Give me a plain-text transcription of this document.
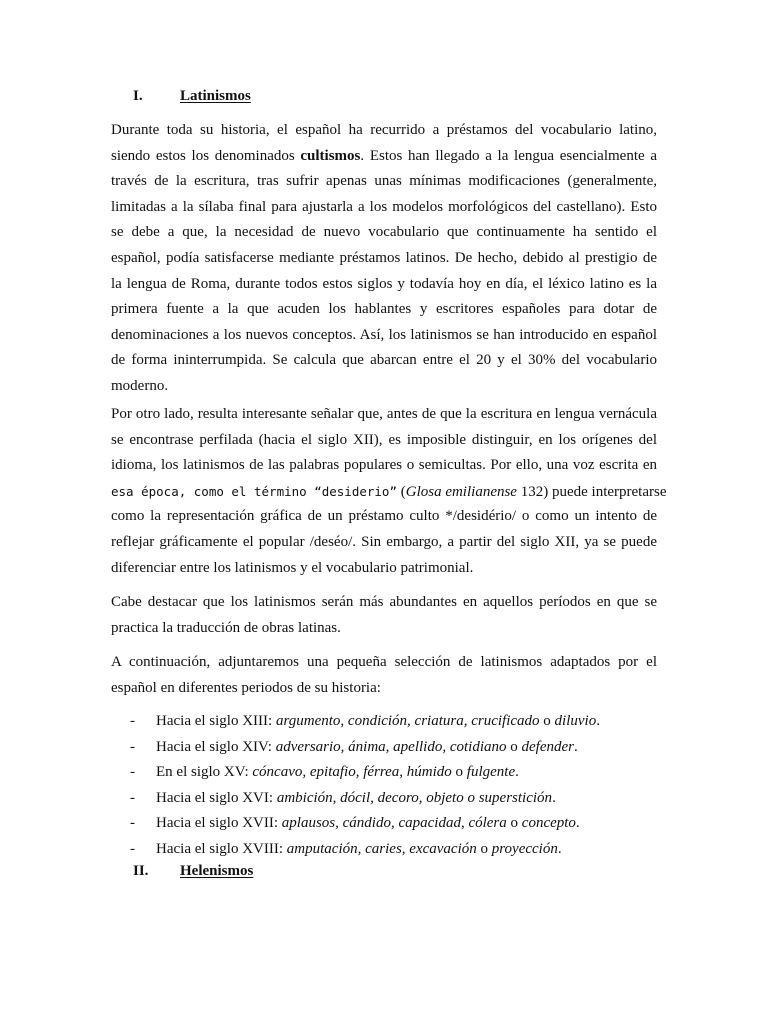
I. Latinismos
Durante toda su historia, el español ha recurrido a préstamos del vocabulario latino,
siendo estos los denominados cultismos. Estos han llegado a la lengua esencialmente a
través de la escritura, tras sufrir apenas unas mínimas modificaciones (generalmente,
limitadas a la sílaba final para ajustarla a los modelos morfológicos del castellano). Esto
se debe a que, la necesidad de nuevo vocabulario que continuamente ha sentido el
español, podía satisfacerse mediante préstamos latinos. De hecho, debido al prestigio de
la lengua de Roma, durante todos estos siglos y todavía hoy en día, el léxico latino es la
primera fuente a la que acuden los hablantes y escritores españoles para dotar de
denominaciones a los nuevos conceptos. Así, los latinismos se han introducido en español
de forma ininterrumpida. Se calcula que abarcan entre el 20 y el 30% del vocabulario
moderno.
Por otro lado, resulta interesante señalar que, antes de que la escritura en lengua vernácula
se encontrase perfilada (hacia el siglo XII), es imposible distinguir, en los orígenes del
idioma, los latinismos de las palabras populares o semicultas. Por ello, una voz escrita en
esa época, como el término “desiderio” (Glosa emilianense 132) puede interpretarse
como la representación gráfica de un préstamo culto */desidério/ o como un intento de
reflejar gráficamente el popular /deséo/. Sin embargo, a partir del siglo XII, ya se puede
diferenciar entre los latinismos y el vocabulario patrimonial.
Cabe destacar que los latinismos serán más abundantes en aquellos períodos en que se
practica la traducción de obras latinas.
A continuación, adjuntaremos una pequeña selección de latinismos adaptados por el
español en diferentes periodos de su historia:
- Hacia el siglo XIII: argumento, condición, criatura, crucificado o diluvio.
- Hacia el siglo XIV: adversario, ánima, apellido, cotidiano o defender.
- En el siglo XV: cóncavo, epitafio, férrea, húmido o fulgente.
- Hacia el siglo XVI: ambición, dócil, decoro, objeto o superstición.
- Hacia el siglo XVII: aplausos, cándido, capacidad, cólera o concepto.
- Hacia el siglo XVIII: amputación, caries, excavación o proyección.
II. Helenismos
